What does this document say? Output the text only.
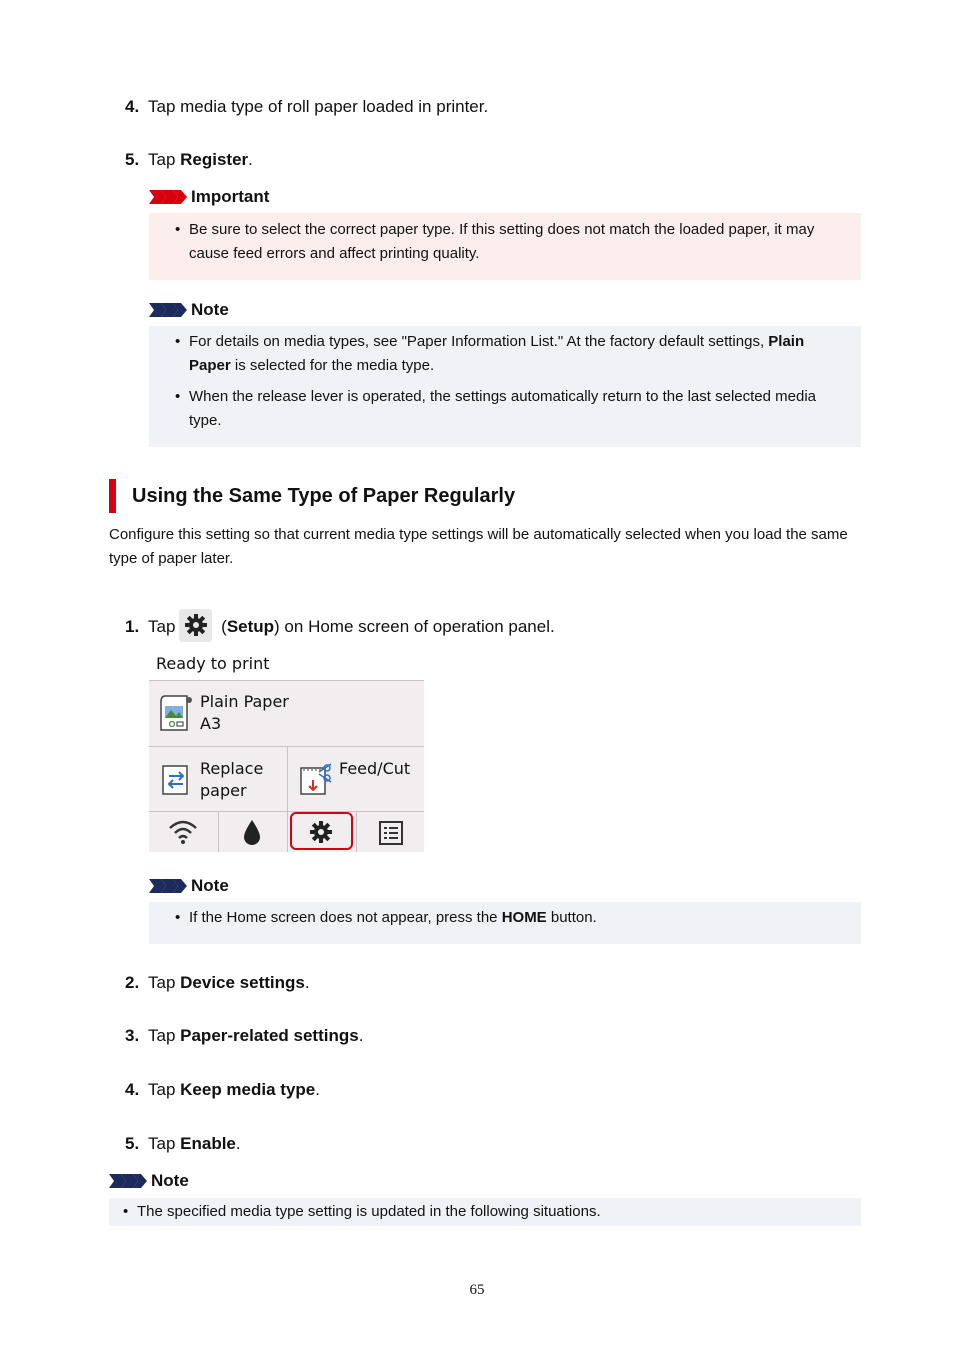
4. Tap media type of roll paper loaded in printer.
5. Tap Register.
Important
• Be sure to select the correct paper type. If this setting does not match the loaded paper, it may cause feed errors and affect printing quality.
Note
• For details on media types, see "Paper Information List." At the factory default settings, Plain Paper is selected for the media type.
• When the release lever is operated, the settings automatically return to the last selected media type.
Using the Same Type of Paper Regularly
Configure this setting so that current media type settings will be automatically selected when you load the same type of paper later.
1. Tap (Setup) on Home screen of operation panel.
Ready to print
Plain Paper
A3
Replace
paper
Feed/Cut
Note
• If the Home screen does not appear, press the HOME button.
2. Tap Device settings.
3. Tap Paper-related settings.
4. Tap Keep media type.
5. Tap Enable.
Note
• The specified media type setting is updated in the following situations.
65
